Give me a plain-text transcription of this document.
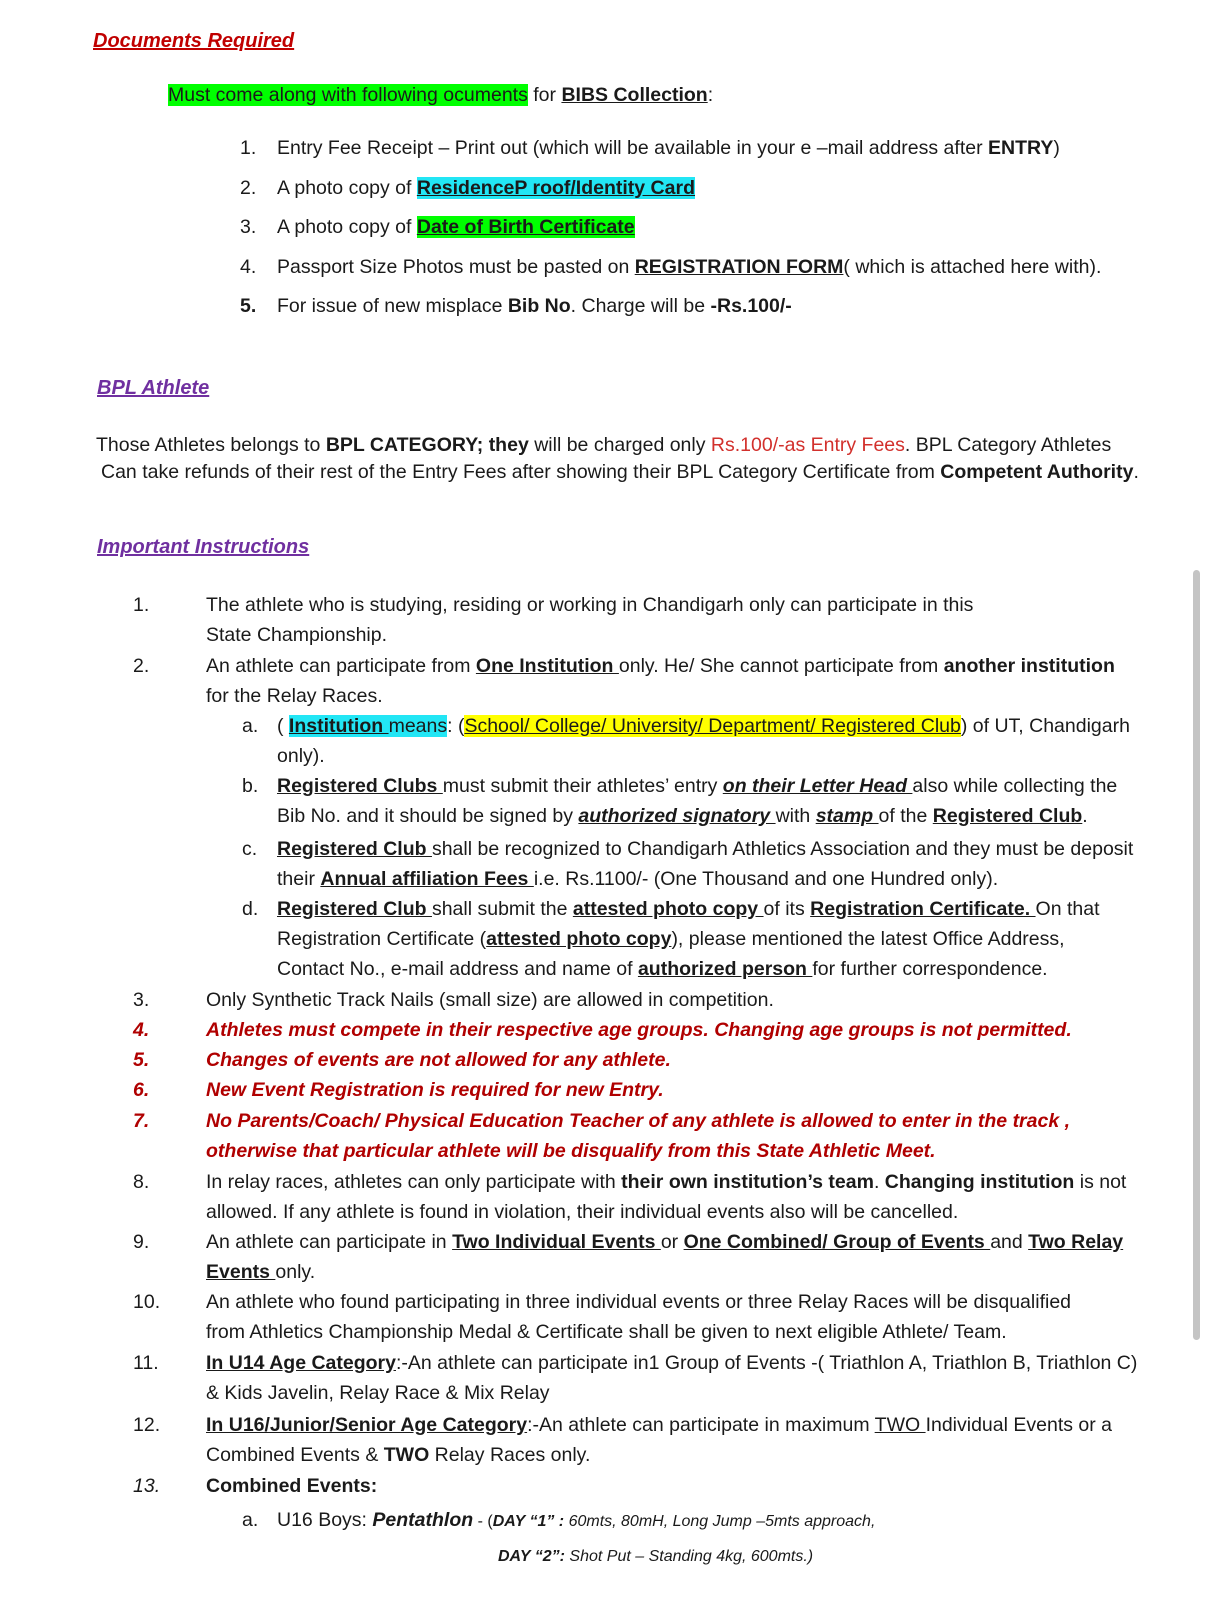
Documents Required
Must come along with following ocuments for BIBS Collection:
1. Entry Fee Receipt – Print out (which will be available in your e –mail address after ENTRY)
2. A photo copy of ResidenceP roof/Identity Card
3. A photo copy of Date of Birth Certificate
4. Passport Size Photos must be pasted on REGISTRATION FORM( which is attached here with).
5. For issue of new misplace Bib No. Charge will be -Rs.100/-
BPL Athlete
Those Athletes belongs to BPL CATEGORY; they will be charged only Rs.100/-as Entry Fees. BPL Category Athletes
Can take refunds of their rest of the Entry Fees after showing their BPL Category Certificate from Competent Authority.
Important Instructions
1.	The athlete who is studying, residing or working in Chandigarh only can participate in this
State Championship.
2.	An athlete can participate from One Institution only. He/ She cannot participate from another institution
for the Relay Races.
a. ( Institution means: (School/ College/ University/ Department/ Registered Club) of UT, Chandigarh
only).
b. Registered Clubs must submit their athletes’ entry on their Letter Head also while collecting the
Bib No. and it should be signed by authorized signatory with stamp of the Registered Club.
c. Registered Club shall be recognized to Chandigarh Athletics Association and they must be deposit
their Annual affiliation Fees i.e. Rs.1100/- (One Thousand and one Hundred only).
d. Registered Club shall submit the attested photo copy of its Registration Certificate. On that
Registration Certificate (attested photo copy), please mentioned the latest Office Address,
Contact No., e-mail address and name of authorized person for further correspondence.
3.	Only Synthetic Track Nails (small size) are allowed in competition.
4.	Athletes must compete in their respective age groups. Changing age groups is not permitted.
5.	Changes of events are not allowed for any athlete.
6.	New Event Registration is required for new Entry.
7.	No Parents/Coach/ Physical Education Teacher of any athlete is allowed to enter in the track ,
otherwise that particular athlete will be disqualify from this State Athletic Meet.
8.	In relay races, athletes can only participate with their own institution’s team. Changing institution is not
allowed. If any athlete is found in violation, their individual events also will be cancelled.
9.	An athlete can participate in Two Individual Events or One Combined/ Group of Events and Two Relay
Events only.
10. An athlete who found participating in three individual events or three Relay Races will be disqualified
from Athletics Championship Medal & Certificate shall be given to next eligible Athlete/ Team.
11. In U14 Age Category:-An athlete can participate in1 Group of Events -( Triathlon A, Triathlon B, Triathlon C)
& Kids Javelin, Relay Race & Mix Relay
12. In U16/Junior/Senior Age Category:-An athlete can participate in maximum TWO Individual Events or a
Combined Events & TWO Relay Races only.
13. Combined Events:
a. U16 Boys: Pentathlon - (DAY “1” : 60mts, 80mH, Long Jump –5mts approach,
DAY “2”: Shot Put – Standing 4kg, 600mts.)
